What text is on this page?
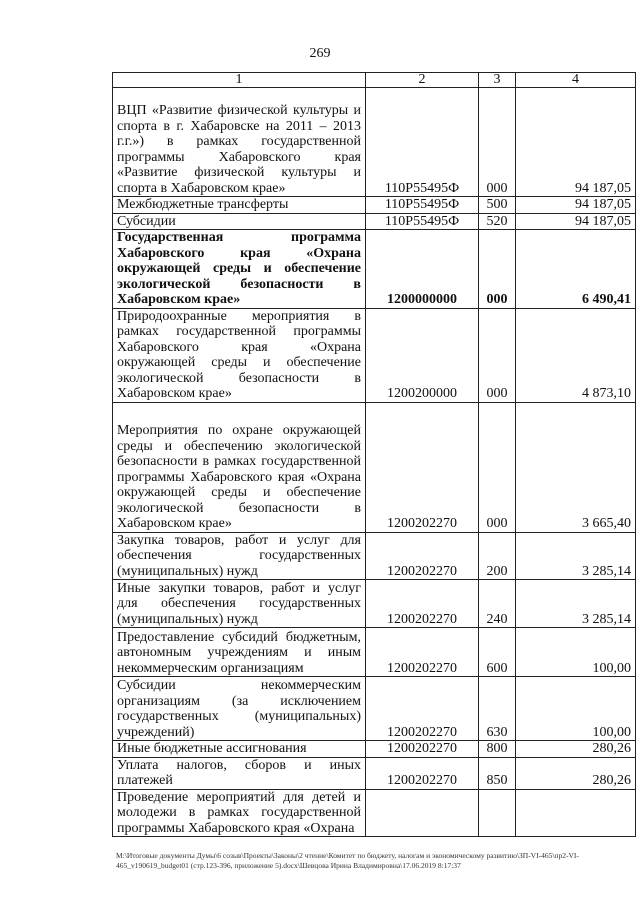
269
1	2	3	4
ВЦП «Развитие физической культуры и спорта в г. Хабаровске на 2011 – 2013 г.г.») в рамках государственной программы Хабаровского края «Развитие физической культуры и спорта в Хабаровском крае»	110P55495Ф	000	94 187,05
Межбюджетные трансферты	110P55495Ф	500	94 187,05
Субсидии	110P55495Ф	520	94 187,05
Государственная программа Хабаровского края «Охрана окружающей среды и обеспечение экологической безопасности в Хабаровском крае»	1200000000	000	6 490,41
Природоохранные мероприятия в рамках государственной программы Хабаровского края «Охрана окружающей среды и обеспечение экологической безопасности в Хабаровском крае»	1200200000	000	4 873,10
Мероприятия по охране окружающей среды и обеспечению экологической безопасности в рамках государственной программы Хабаровского края «Охрана окружающей среды и обеспечение экологической безопасности в Хабаровском крае»	1200202270	000	3 665,40
Закупка товаров, работ и услуг для обеспечения государственных (муниципальных) нужд	1200202270	200	3 285,14
Иные закупки товаров, работ и услуг для обеспечения государственных (муниципальных) нужд	1200202270	240	3 285,14
Предоставление субсидий бюджетным, автономным учреждениям и иным некоммерческим организациям	1200202270	600	100,00
Субсидии некоммерческим организациям (за исключением государственных (муниципальных) учреждений)	1200202270	630	100,00
Иные бюджетные ассигнования	1200202270	800	280,26
Уплата налогов, сборов и иных платежей	1200202270	850	280,26
Проведение мероприятий для детей и молодежи в рамках государственной программы Хабаровского края «Охрана			
M:\Итоговые документы Думы\6 созыв\Проекты\Законы\2 чтение\Комитет по бюджету, налогам и экономическому развитию\ЗП-VI-465\пр2-VI-465_v190619_budget01 (стр.123-396, приложение 5).docx\Шевцова Ирина Владимировна\17.06.2019 8:17:37
